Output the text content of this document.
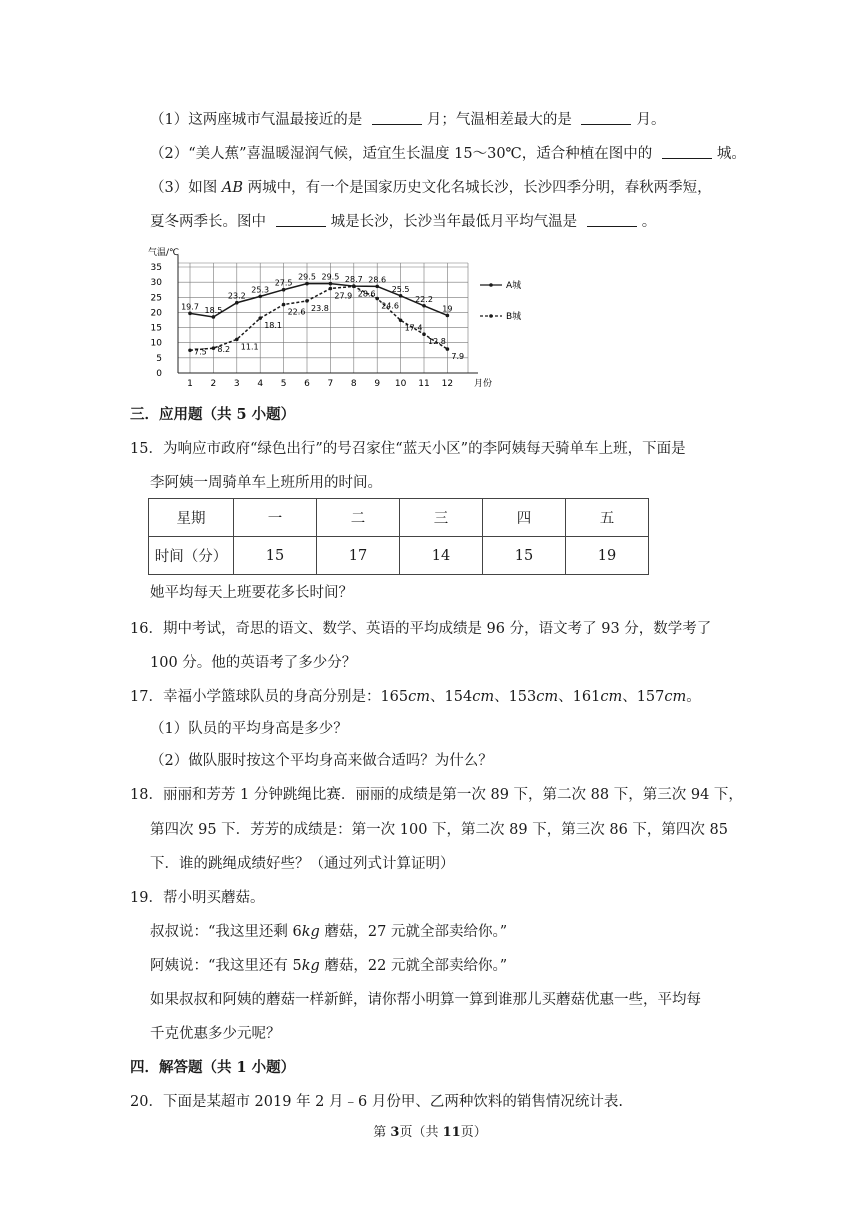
（1）这两座城市气温最接近的是	月；气温相差最大的是	月。
（2）“美人蕉”喜温暖湿润气候，适宜生长温度 15～30℃，适合种植在图中的	城。
（3）如图 AB 两城中，有一个是国家历史文化名城长沙，长沙四季分明，春秋两季短，
夏冬两季长。图中	城是长沙，长沙当年最低月平均气温是	。
0
5
10
15
20
25
30
35
1 2 3 4 5 6 7 8 9 10 11 12
气温/℃
月份
19.7 18.5
23.2
25.3
27.5
29.5 29.5 28.7 28.6
25.5
22.2
19
7.5 8.2 11.1
18.1
22.6 23.8
27.9 28.6
24.6
17.4
12.8
7.9
A城
B城
三．应用题（共 5 小题）
15．为响应市政府“绿色出行”的号召家住“蓝天小区”的李阿姨每天骑单车上班，下面是
李阿姨一周骑单车上班所用的时间。
星期	一	二	三	四	五
时间（分）	15	17	14	15	19
她平均每天上班要花多长时间？
16．期中考试，奇思的语文、数学、英语的平均成绩是 96 分，语文考了 93 分，数学考了
100 分。他的英语考了多少分？
17．幸福小学篮球队员的身高分别是：165cm、154cm、153cm、161cm、157cm。
（1）队员的平均身高是多少？
（2）做队服时按这个平均身高来做合适吗？为什么？
18．丽丽和芳芳 1 分钟跳绳比赛．丽丽的成绩是第一次 89 下，第二次 88 下，第三次 94 下，
第四次 95 下．芳芳的成绩是：第一次 100 下，第二次 89 下，第三次 86 下，第四次 85
下．谁的跳绳成绩好些？（通过列式计算证明）
19．帮小明买蘑菇。
叔叔说：“我这里还剩 6kg 蘑菇，27 元就全部卖给你。”
阿姨说：“我这里还有 5kg 蘑菇，22 元就全部卖给你。”
如果叔叔和阿姨的蘑菇一样新鲜，请你帮小明算一算到谁那儿买蘑菇优惠一些，平均每
千克优惠多少元呢？
四．解答题（共 1 小题）
20．下面是某超市 2019 年 2 月﹣6 月份甲、乙两种饮料的销售情况统计表.
第 3页（共 11页）
